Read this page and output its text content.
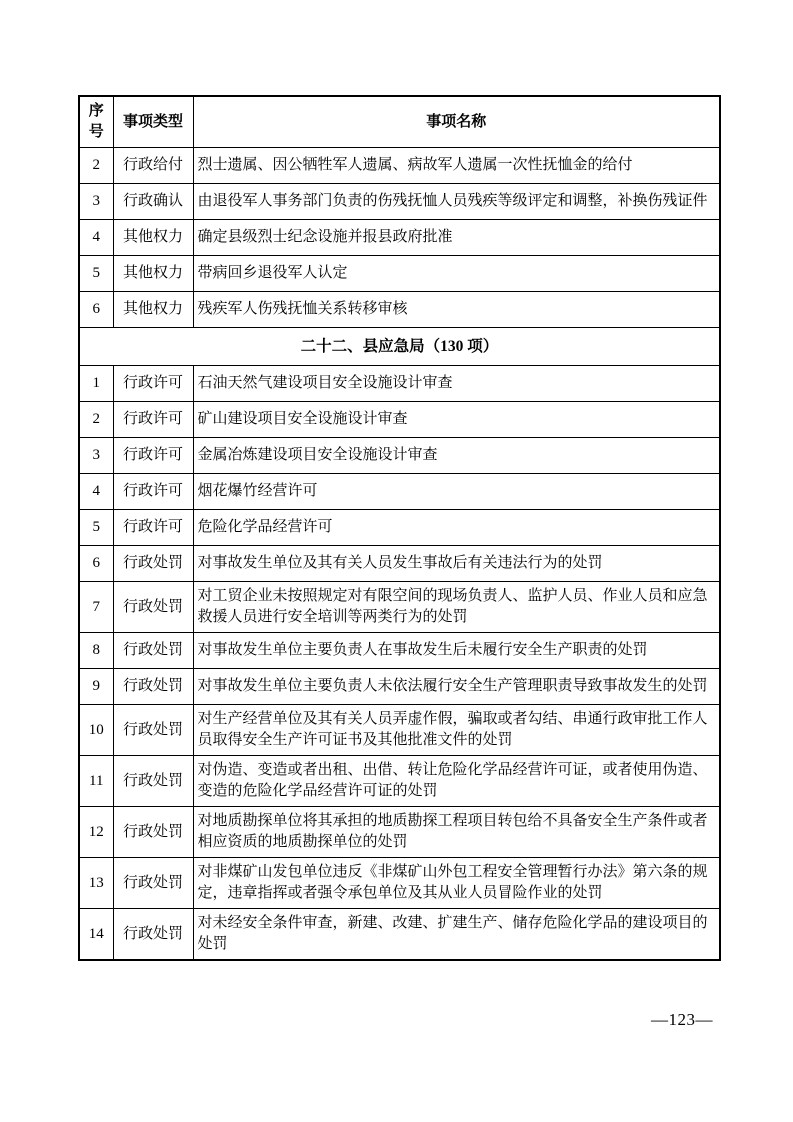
序号	事项类型	事项名称
2	行政给付	烈士遗属、因公牺牲军人遗属、病故军人遗属一次性抚恤金的给付
3	行政确认	由退役军人事务部门负责的伤残抚恤人员残疾等级评定和调整，补换伤残证件
4	其他权力	确定县级烈士纪念设施并报县政府批准
5	其他权力	带病回乡退役军人认定
6	其他权力	残疾军人伤残抚恤关系转移审核
二十二、县应急局（130 项）		
1	行政许可	石油天然气建设项目安全设施设计审查
2	行政许可	矿山建设项目安全设施设计审查
3	行政许可	金属冶炼建设项目安全设施设计审查
4	行政许可	烟花爆竹经营许可
5	行政许可	危险化学品经营许可
6	行政处罚	对事故发生单位及其有关人员发生事故后有关违法行为的处罚
7	行政处罚	对工贸企业未按照规定对有限空间的现场负责人、监护人员、作业人员和应急救援人员进行安全培训等两类行为的处罚
8	行政处罚	对事故发生单位主要负责人在事故发生后未履行安全生产职责的处罚
9	行政处罚	对事故发生单位主要负责人未依法履行安全生产管理职责导致事故发生的处罚
10	行政处罚	对生产经营单位及其有关人员弄虚作假，骗取或者勾结、串通行政审批工作人员取得安全生产许可证书及其他批准文件的处罚
11	行政处罚	对伪造、变造或者出租、出借、转让危险化学品经营许可证，或者使用伪造、变造的危险化学品经营许可证的处罚
12	行政处罚	对地质勘探单位将其承担的地质勘探工程项目转包给不具备安全生产条件或者相应资质的地质勘探单位的处罚
13	行政处罚	对非煤矿山发包单位违反《非煤矿山外包工程安全管理暂行办法》第六条的规定，违章指挥或者强令承包单位及其从业人员冒险作业的处罚
14	行政处罚	对未经安全条件审查，新建、改建、扩建生产、储存危险化学品的建设项目的处罚
—123—
